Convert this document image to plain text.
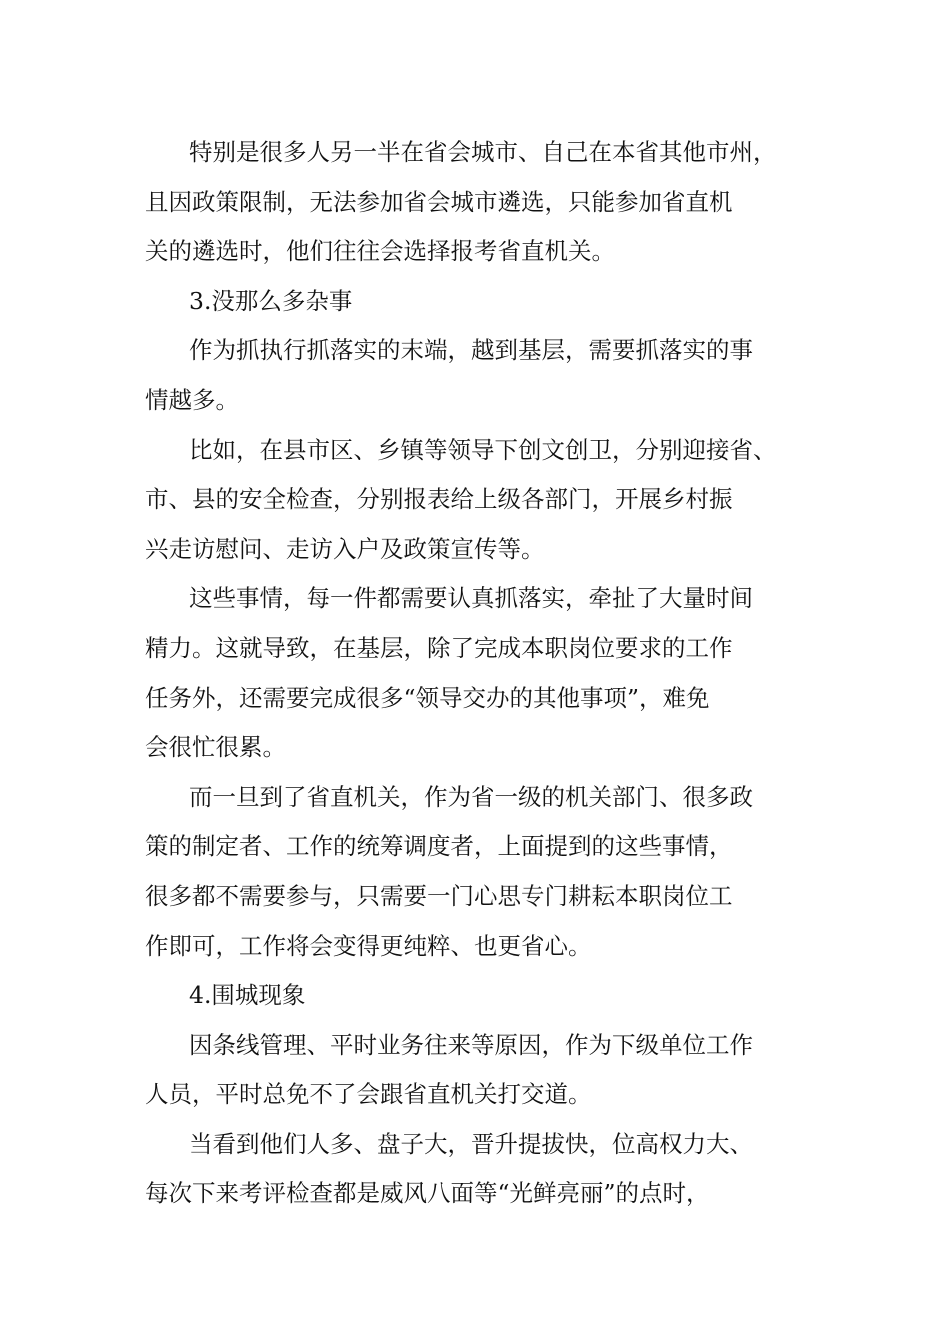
特别是很多人另一半在省会城市、自己在本省其他市州，
且因政策限制，无法参加省会城市遴选，只能参加省直机
关的遴选时，他们往往会选择报考省直机关。

3.没那么多杂事

作为抓执行抓落实的末端，越到基层，需要抓落实的事
情越多。

比如，在县市区、乡镇等领导下创文创卫，分别迎接省、
市、县的安全检查，分别报表给上级各部门，开展乡村振
兴走访慰问、走访入户及政策宣传等。

这些事情，每一件都需要认真抓落实，牵扯了大量时间
精力。这就导致，在基层，除了完成本职岗位要求的工作
任务外，还需要完成很多“领导交办的其他事项”，难免
会很忙很累。

而一旦到了省直机关，作为省一级的机关部门、很多政
策的制定者、工作的统筹调度者，上面提到的这些事情，
很多都不需要参与，只需要一门心思专门耕耘本职岗位工
作即可，工作将会变得更纯粹、也更省心。

4.围城现象

因条线管理、平时业务往来等原因，作为下级单位工作
人员，平时总免不了会跟省直机关打交道。

当看到他们人多、盘子大，晋升提拔快，位高权力大、
每次下来考评检查都是威风八面等“光鲜亮丽”的点时，
